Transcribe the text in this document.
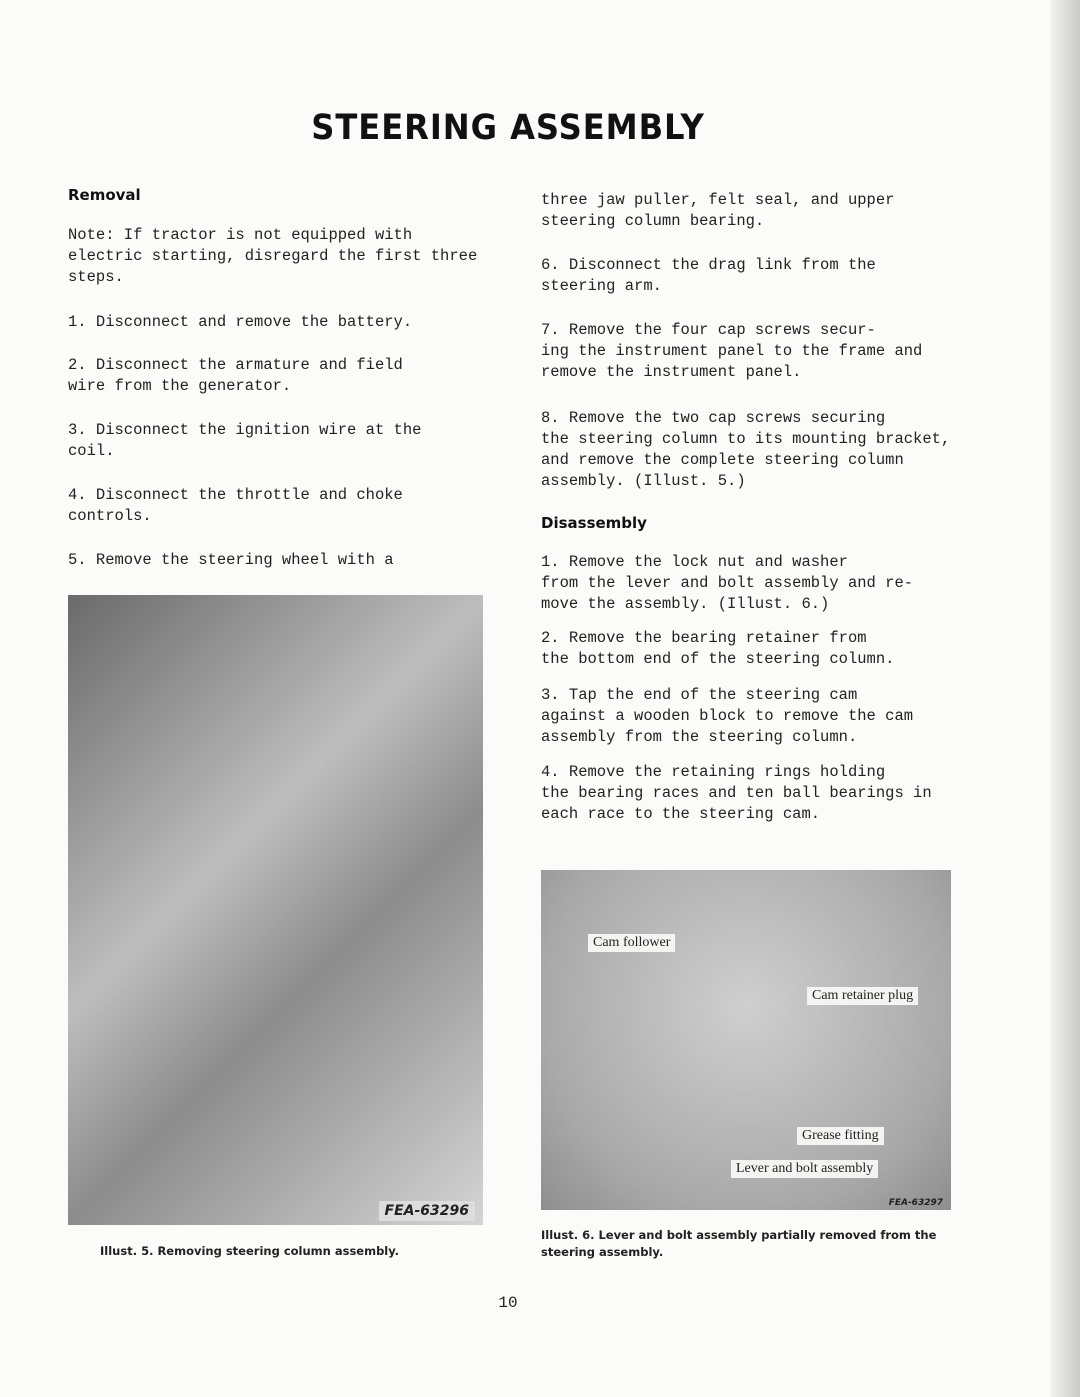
STEERING ASSEMBLY
Removal
Note: If tractor is not equipped with
electric starting, disregard the first three
steps.
1. Disconnect and remove the battery.
2. Disconnect the armature and field
wire from the generator.
3. Disconnect the ignition wire at the
coil.
4. Disconnect the throttle and choke
controls.
5. Remove the steering wheel with a
three jaw puller, felt seal, and upper
steering column bearing.
6. Disconnect the drag link from the
steering arm.
7. Remove the four cap screws secur-
ing the instrument panel to the frame and
remove the instrument panel.
8. Remove the two cap screws securing
the steering column to its mounting bracket,
and remove the complete steering column
assembly. (Illust. 5.)
Disassembly
1. Remove the lock nut and washer
from the lever and bolt assembly and re-
move the assembly. (Illust. 6.)
2. Remove the bearing retainer from
the bottom end of the steering column.
3. Tap the end of the steering cam
against a wooden block to remove the cam
assembly from the steering column.
4. Remove the retaining rings holding
the bearing races and ten ball bearings in
each race to the steering cam.
FEA-63296
Illust. 5. Removing steering column assembly.
Cam follower
Cam retainer plug
Grease fitting
Lever and bolt assembly
FEA-63297
Illust. 6. Lever and bolt assembly partially removed from the steering assembly.
10
